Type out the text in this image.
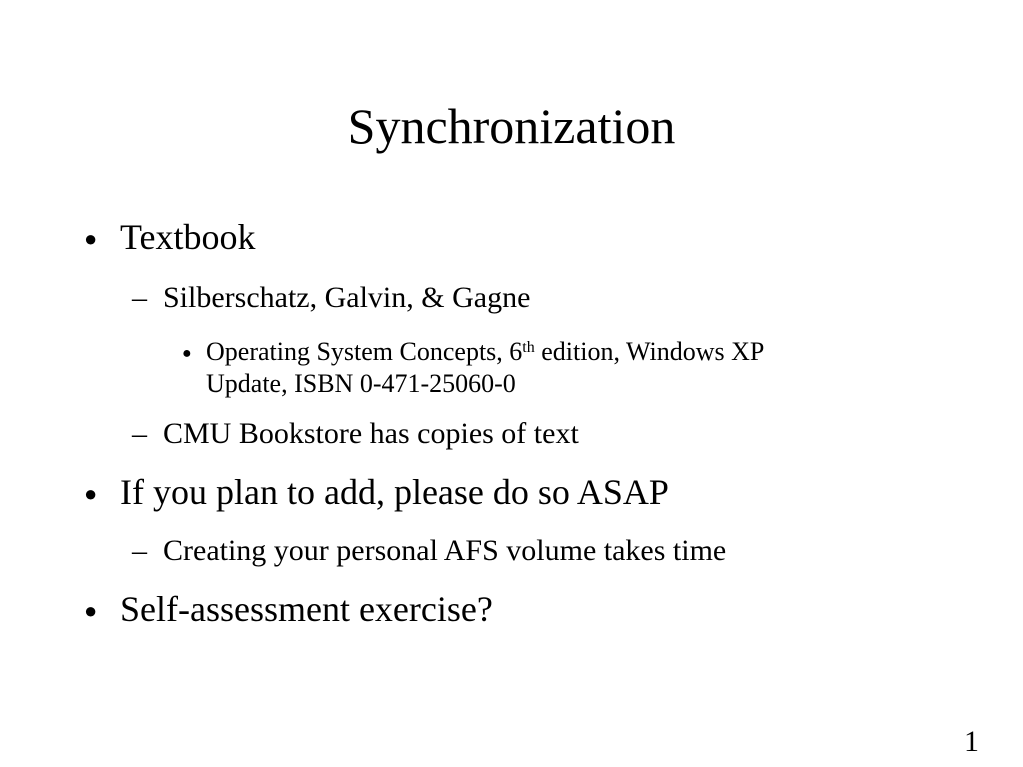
Synchronization
● Textbook
– Silberschatz, Galvin, & Gagne
● Operating System Concepts, 6th edition, Windows XP
Update, ISBN 0-471-25060-0
– CMU Bookstore has copies of text
● If you plan to add, please do so ASAP
– Creating your personal AFS volume takes time
● Self-assessment exercise?
1
